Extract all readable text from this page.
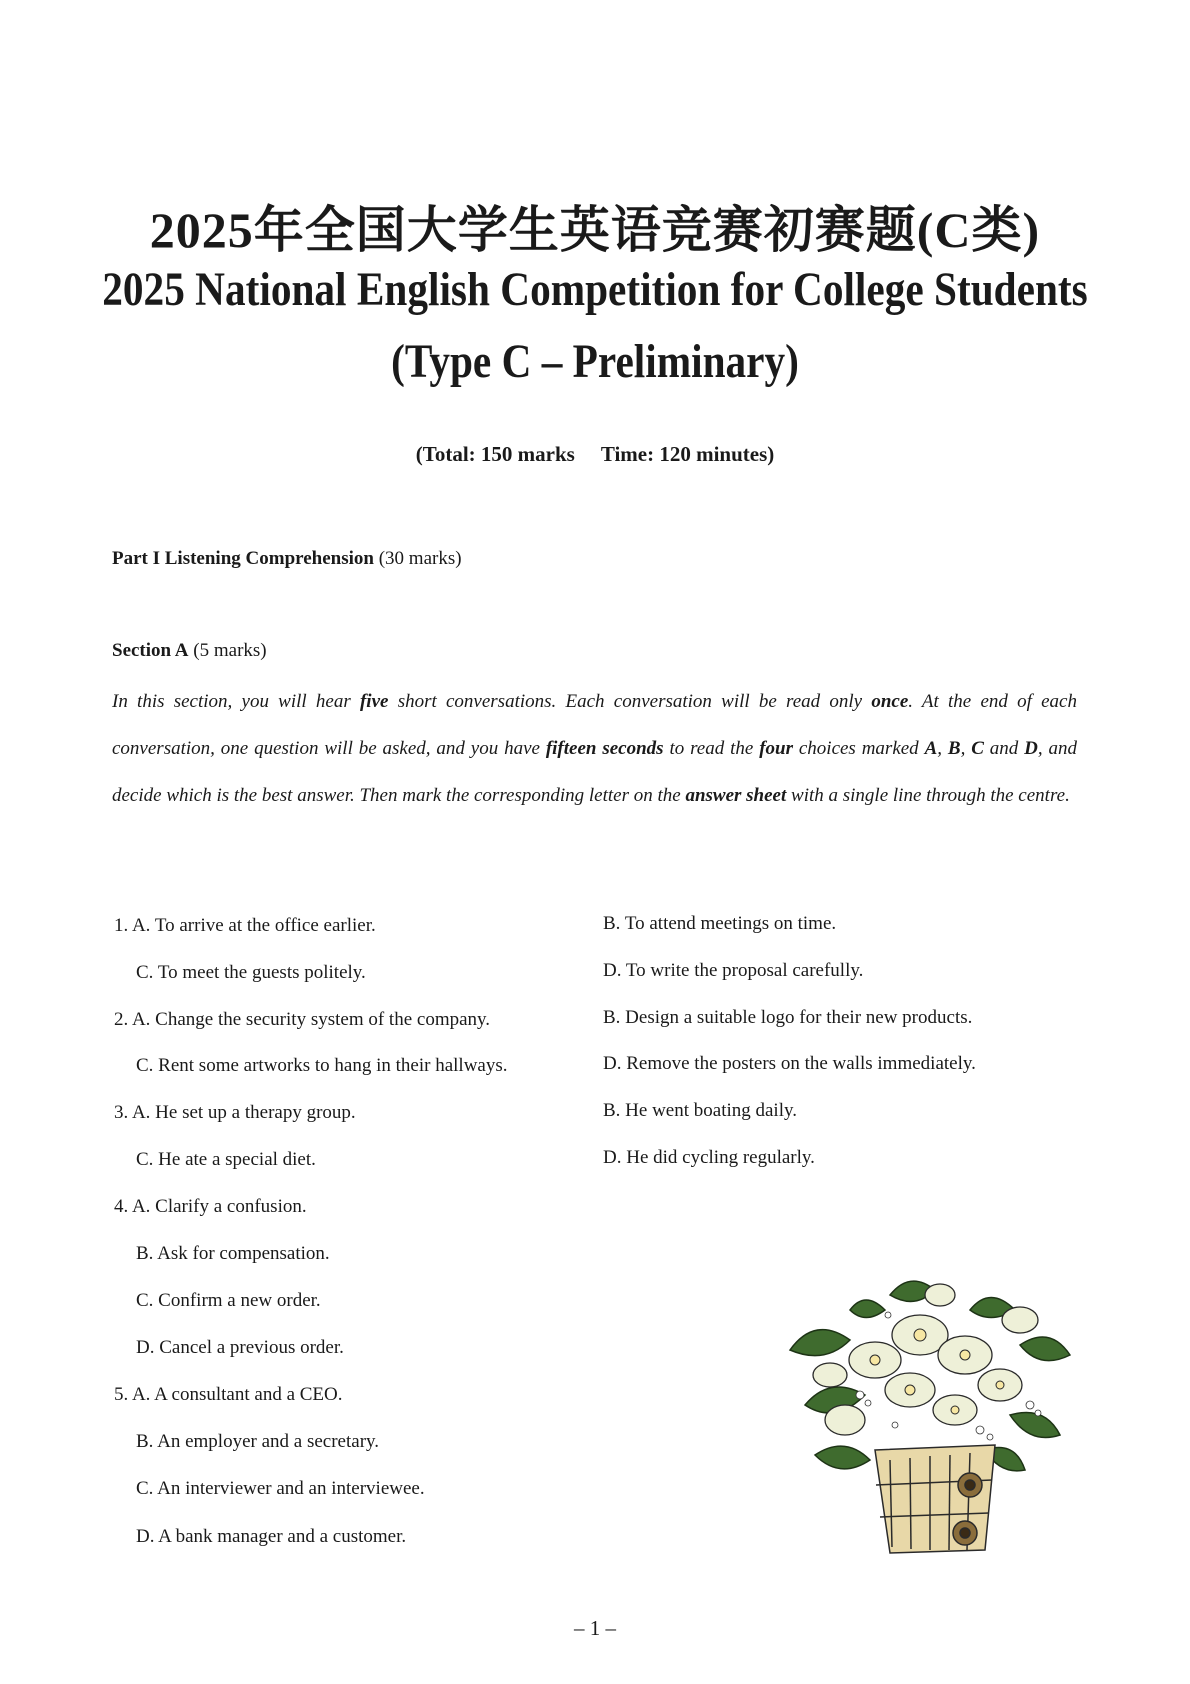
2025年全国大学生英语竞赛初赛题(C类)
2025 National English Competition for College Students
(Type C – Preliminary)
(Total: 150 marks Time: 120 minutes)
Part I Listening Comprehension (30 marks)
Section A (5 marks)
In this section, you will hear five short conversations. Each conversation will be read only once. At the end of each conversation, one question will be asked, and you have fifteen seconds to read the four choices marked A, B, C and D, and decide which is the best answer. Then mark the corresponding letter on the answer sheet with a single line through the centre.
1. A. To arrive at the office earlier.	B. To attend meetings on time.
C. To meet the guests politely.	D. To write the proposal carefully.
2. A. Change the security system of the company.	B. Design a suitable logo for their new products.
C. Rent some artworks to hang in their hallways.	D. Remove the posters on the walls immediately.
3. A. He set up a therapy group.	B. He went boating daily.
C. He ate a special diet.	D. He did cycling regularly.
4. A. Clarify a confusion.
B. Ask for compensation.
C. Confirm a new order.
D. Cancel a previous order.
5. A. A consultant and a CEO.
B. An employer and a secretary.
C. An interviewer and an interviewee.
D. A bank manager and a customer.
– 1 –
